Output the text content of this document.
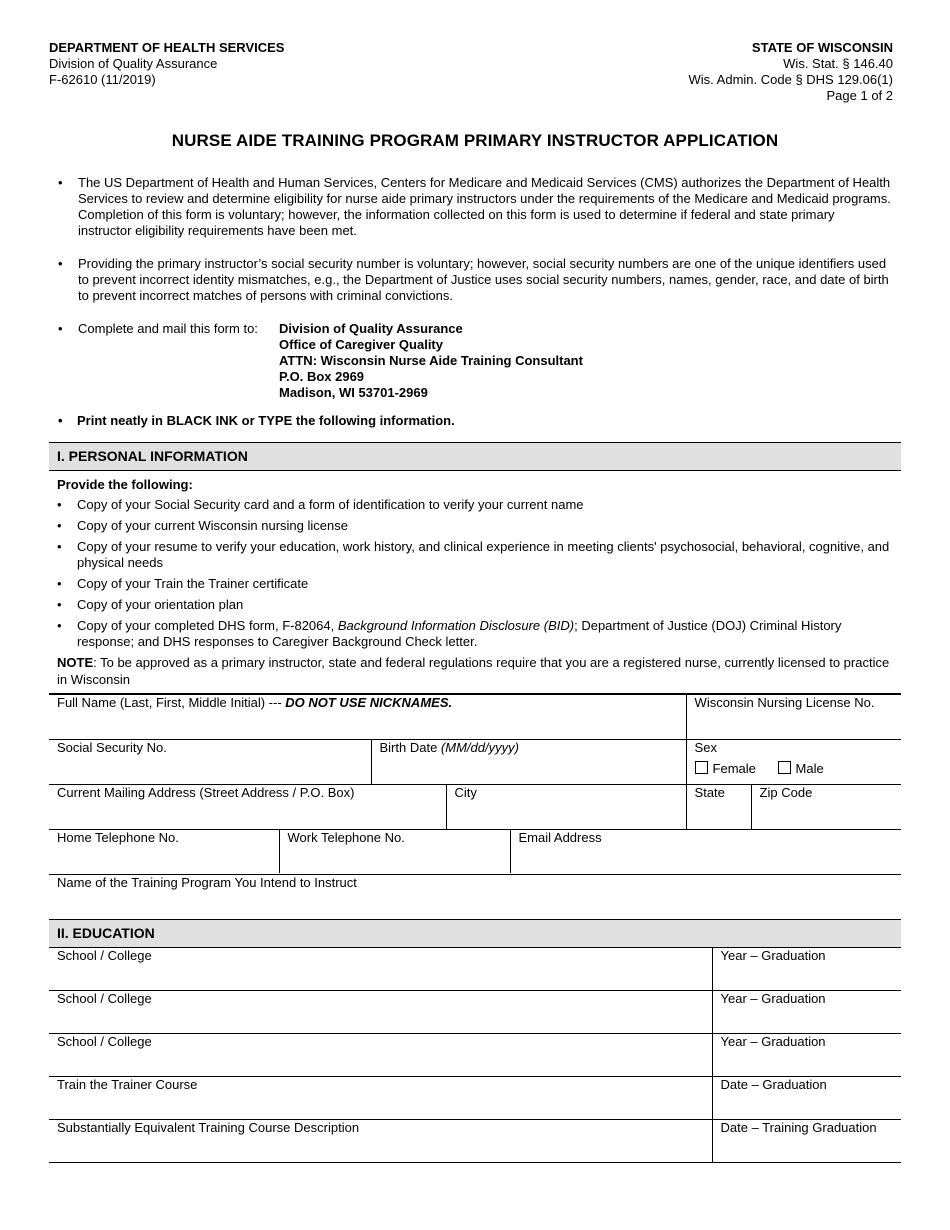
DEPARTMENT OF HEALTH SERVICES
Division of Quality Assurance
F-62610 (11/2019)
STATE OF WISCONSIN
Wis. Stat. § 146.40
Wis. Admin. Code § DHS 129.06(1)
Page 1 of 2
NURSE AIDE TRAINING PROGRAM PRIMARY INSTRUCTOR APPLICATION
• The US Department of Health and Human Services, Centers for Medicare and Medicaid Services (CMS) authorizes the Department of Health Services to review and determine eligibility for nurse aide primary instructors under the requirements of the Medicare and Medicaid programs. Completion of this form is voluntary; however, the information collected on this form is used to determine if federal and state primary instructor eligibility requirements have been met.
• Providing the primary instructor’s social security number is voluntary; however, social security numbers are one of the unique identifiers used to prevent incorrect identity mismatches, e.g., the Department of Justice uses social security numbers, names, gender, race, and date of birth to prevent incorrect matches of persons with criminal convictions.
• Complete and mail this form to:	Division of Quality Assurance
Office of Caregiver Quality
ATTN: Wisconsin Nurse Aide Training Consultant
P.O. Box 2969
Madison, WI 53701-2969
• Print neatly in BLACK INK or TYPE the following information.
I. PERSONAL INFORMATION
Provide the following:
• Copy of your Social Security card and a form of identification to verify your current name
• Copy of your current Wisconsin nursing license
• Copy of your resume to verify your education, work history, and clinical experience in meeting clients' psychosocial, behavioral, cognitive, and physical needs
• Copy of your Train the Trainer certificate
• Copy of your orientation plan
• Copy of your completed DHS form, F-82064, Background Information Disclosure (BID); Department of Justice (DOJ) Criminal History response; and DHS responses to Caregiver Background Check letter.
NOTE: To be approved as a primary instructor, state and federal regulations require that you are a registered nurse, currently licensed to practice in Wisconsin
Full Name (Last, First, Middle Initial) --- DO NOT USE NICKNAMES.	Wisconsin Nursing License No.
Social Security No.	Birth Date (MM/dd/yyyy)	Sex
Female	Male

Current Mailing Address (Street Address / P.O. Box)	City	State	Zip Code

Home Telephone No.	Work Telephone No.	Email Address

Name of the Training Program You Intend to Instruct
II. EDUCATION
School / College	Year – Graduation
School / College	Year – Graduation
School / College	Year – Graduation
Train the Trainer Course	Date – Graduation
Substantially Equivalent Training Course Description	Date – Training Graduation
